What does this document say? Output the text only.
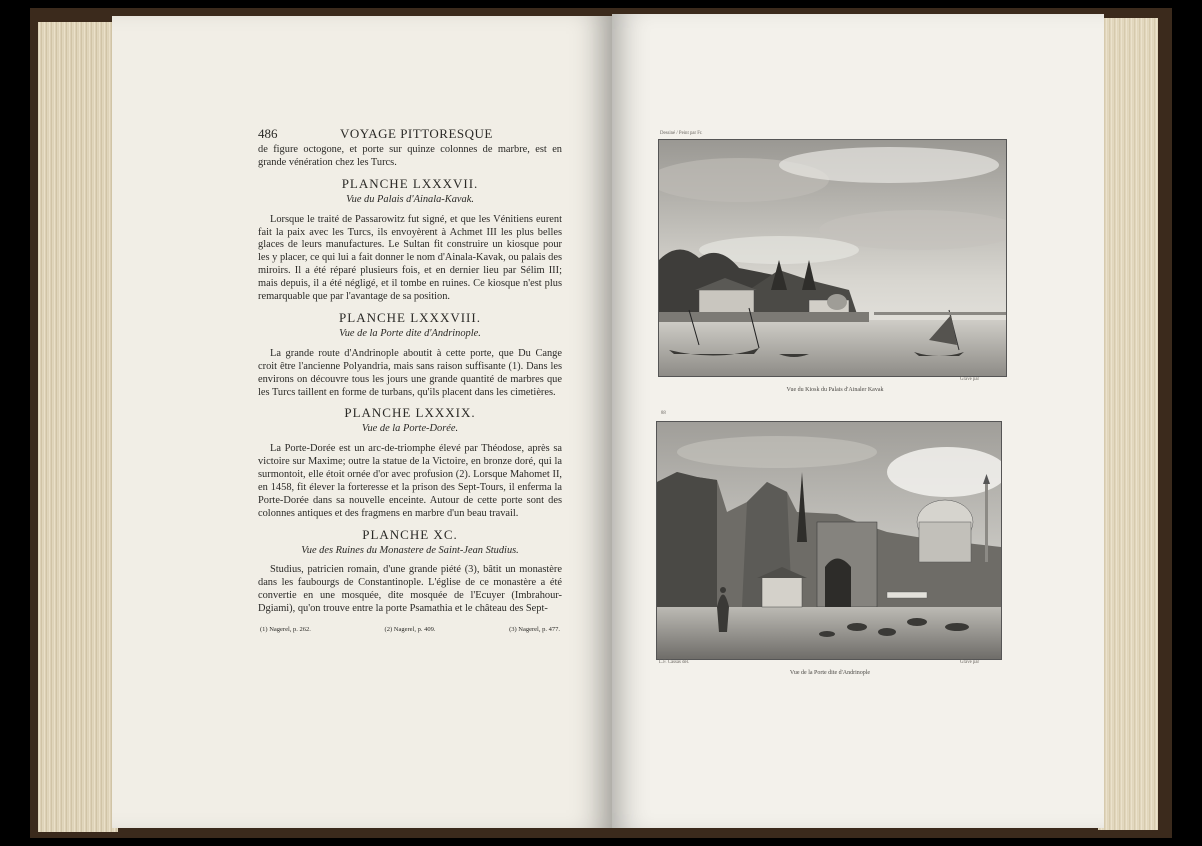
486	VOYAGE PITTORESQUE

de figure octogone, et porte sur quinze colonnes de marbre, est en grande vénération chez les Turcs.

PLANCHE LXXXVII.
Vue du Palais d'Ainala-Kavak.

Lorsque le traité de Passarowitz fut signé, et que les Vénitiens eurent fait la paix avec les Turcs, ils envoyèrent à Achmet III les plus belles glaces de leurs manufactures. Le Sultan fit construire un kiosque pour les y placer, ce qui lui a fait donner le nom d'Ainala-Kavak, ou palais des miroirs. Il a été réparé plusieurs fois, et en dernier lieu par Sélim III; mais depuis, il a été négligé, et il tombe en ruines. Ce kiosque n'est plus remarquable que par l'avantage de sa position.

PLANCHE LXXXVIII.
Vue de la Porte dite d'Andrinople.

La grande route d'Andrinople aboutit à cette porte, que Du Cange croit être l'ancienne Polyandria, mais sans raison suffisante (1). Dans les environs on découvre tous les jours une grande quantité de marbres que les Turcs taillent en forme de turbans, qu'ils placent dans les cimetières.

PLANCHE LXXXIX.
Vue de la Porte-Dorée.

La Porte-Dorée est un arc-de-triomphe élevé par Théodose, après sa victoire sur Maxime; outre la statue de la Victoire, en bronze doré, qui la surmontoit, elle étoit ornée d'or avec profusion (2). Lorsque Mahomet II, en 1458, fit élever la forteresse et la prison des Sept-Tours, il enferma la Porte-Dorée dans sa nouvelle enceinte. Autour de cette porte sont des colonnes antiques et des fragmens en marbre d'un beau travail.

PLANCHE XC.
Vue des Ruines du Monastere de Saint-Jean Studius.

Studius, patricien romain, d'une grande piété (3), bâtit un monastère dans les faubourgs de Constantinople. L'église de ce monastère a été convertie en une mosquée, dite mosquée de l'Ecuyer (Imbrahour-Dgiami), qu'on trouve entre la porte Psamathia et le château des Sept-

(1) Nagerel, p. 262.	(2) Nagerel, p. 409.	(3) Nagerel, p. 477.
Dessiné / Peint par Fr.
Gravé par
Vue du Kiosk du Palais d'Ainaler Kavak
88
L.F. Cassas del.	Gravé par
Vue de la Porte dite d'Andrinople
